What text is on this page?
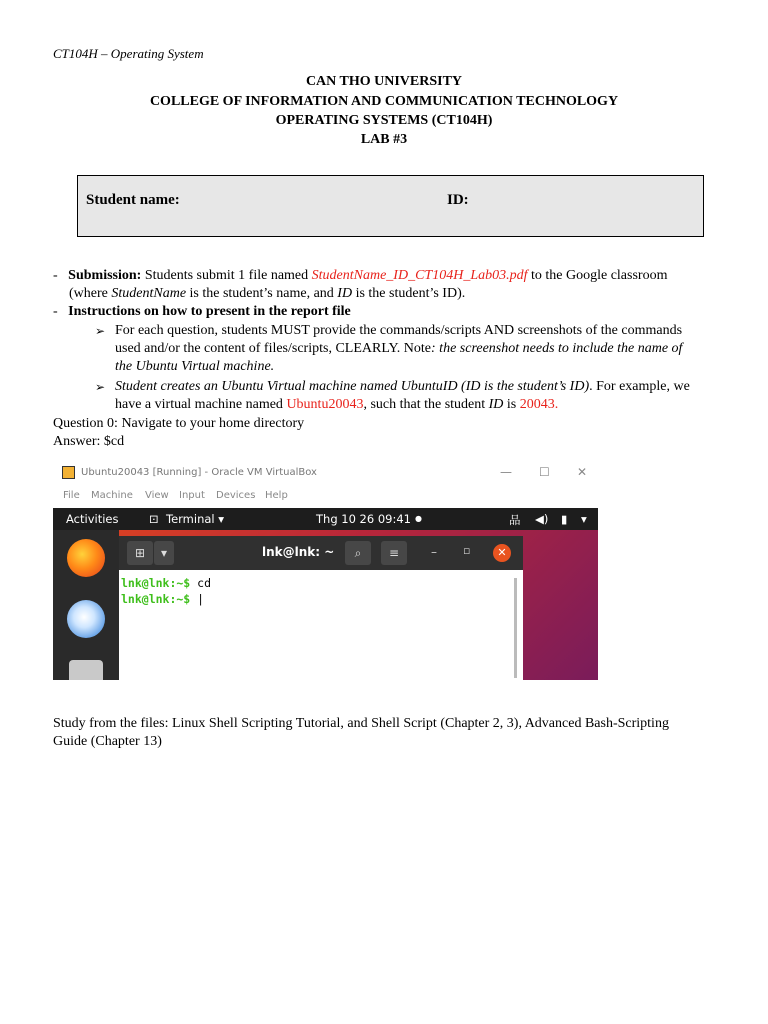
CT104H – Operating System
CAN THO UNIVERSITY
COLLEGE OF INFORMATION AND COMMUNICATION TECHNOLOGY
OPERATING SYSTEMS (CT104H)
LAB #3
Student name:	ID:
-   Submission: Students submit 1 file named StudentName_ID_CT104H_Lab03.pdf to the Google classroom
(where StudentName is the student’s name, and ID is the student’s ID).
-   Instructions on how to present in the report file
➢ For each question, students MUST provide the commands/scripts AND screenshots of the commands
used and/or the content of files/scripts, CLEARLY. Note: the screenshot needs to include the name of
the Ubuntu Virtual machine.
➢ Student creates an Ubuntu Virtual machine named UbuntuID (ID is the student’s ID). For example, we
have a virtual machine named Ubuntu20043, such that the student ID is 20043.
Question 0: Navigate to your home directory
Answer: $cd
Ubuntu20043 [Running] - Oracle VM VirtualBox	— ☐ ✕
File Machine View Input Devices Help
Activities	⊡ Terminal ▾	Thg 10 26 09:41 ●	品 ◀) ▮ ▾
⊞	▾	lnk@lnk: ~	⌕	≡	– ▫	✕
lnk@lnk:~$ cd
lnk@lnk:~$ |
Study from the files: Linux Shell Scripting Tutorial, and Shell Script (Chapter 2, 3), Advanced Bash-Scripting
Guide (Chapter 13)
